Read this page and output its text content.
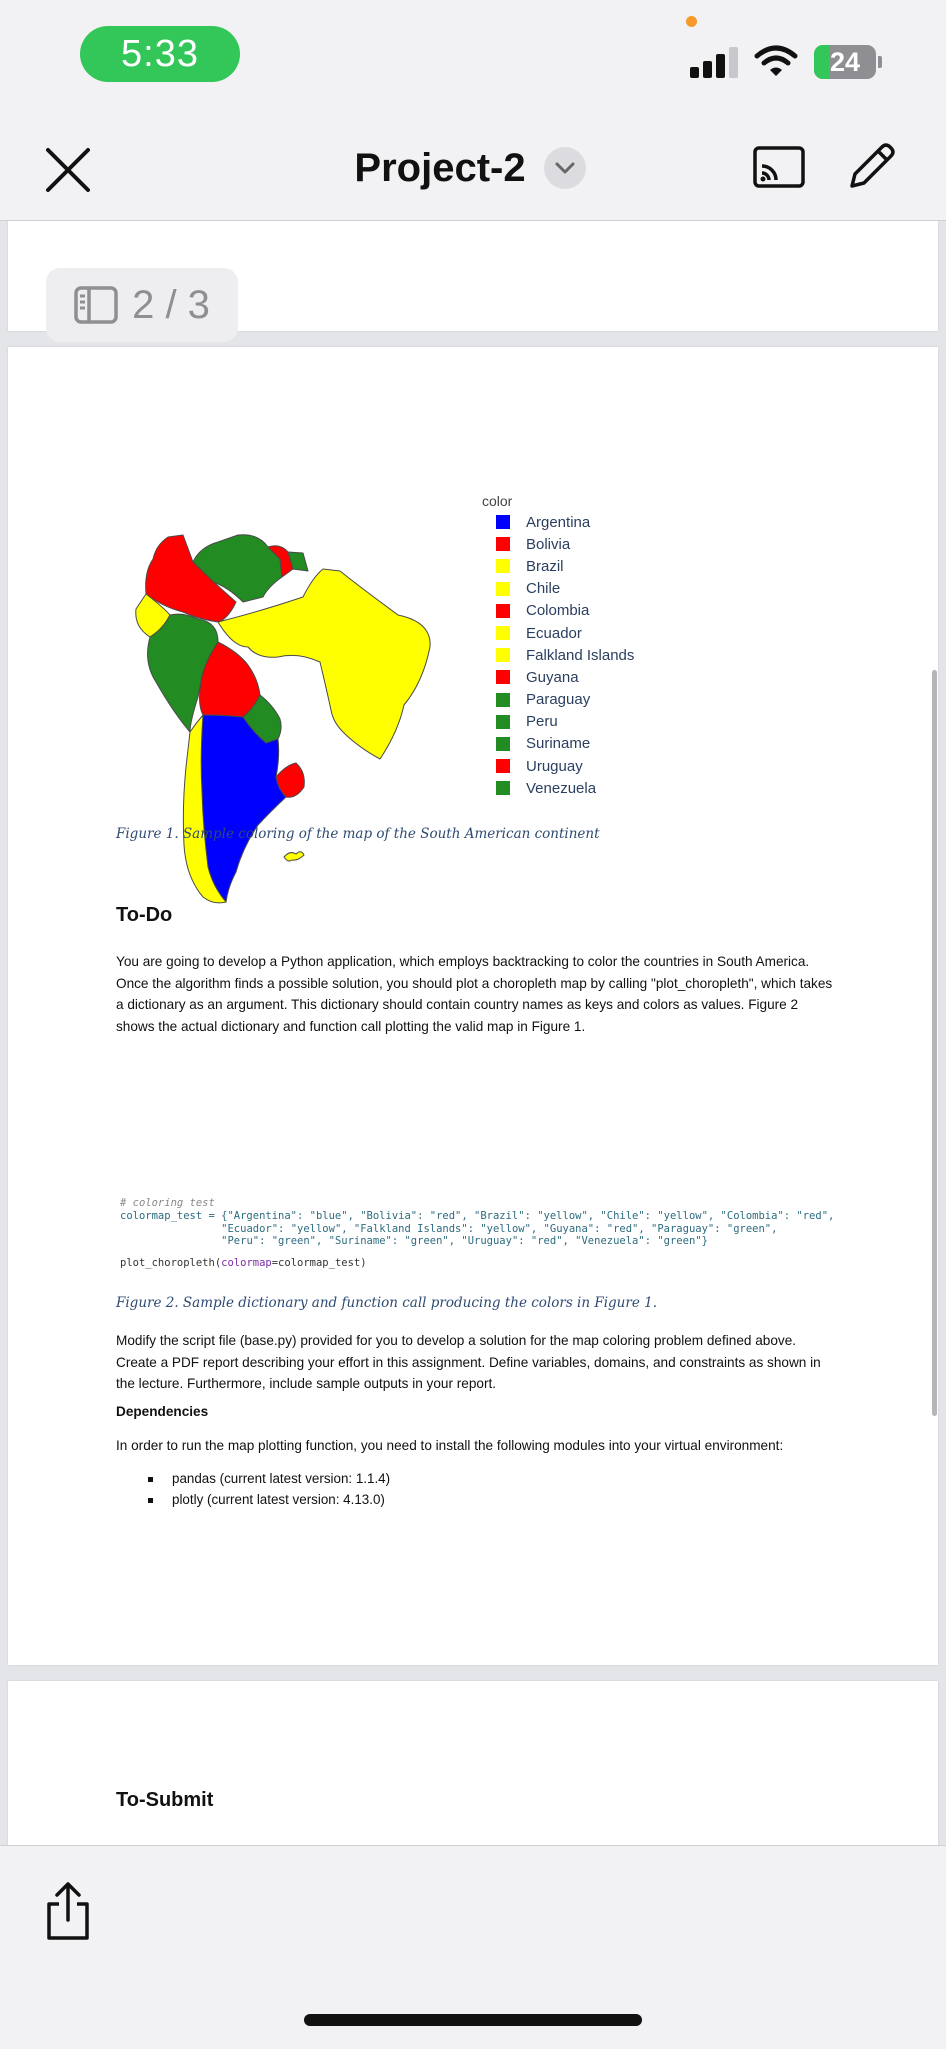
5:33	24
Project-2
color
Argentina
Bolivia
Brazil
Chile
Colombia
Ecuador
Falkland Islands
Guyana
Paraguay
Peru
Suriname
Uruguay
Venezuela
Figure 1. Sample coloring of the map of the South American continent
To-Do
You are going to develop a Python application, which employs backtracking to color the countries in South America. Once the algorithm finds a possible solution, you should plot a choropleth map by calling "plot_choropleth", which takes a dictionary as an argument. This dictionary should contain country names as keys and colors as values. Figure 2 shows the actual dictionary and function call plotting the valid map in Figure 1.
# coloring test
colormap_test = {"Argentina": "blue", "Bolivia": "red", "Brazil": "yellow", "Chile": "yellow", "Colombia": "red",
"Ecuador": "yellow", "Falkland Islands": "yellow", "Guyana": "red", "Paraguay": "green",
"Peru": "green", "Suriname": "green", "Uruguay": "red", "Venezuela": "green"}
plot_choropleth(colormap=colormap_test)
Figure 2. Sample dictionary and function call producing the colors in Figure 1.
Modify the script file (base.py) provided for you to develop a solution for the map coloring problem defined above. Create a PDF report describing your effort in this assignment. Define variables, domains, and constraints as shown in the lecture. Furthermore, include sample outputs in your report.
Dependencies
In order to run the map plotting function, you need to install the following modules into your virtual environment:
pandas (current latest version: 1.1.4)
plotly (current latest version: 4.13.0)
To-Submit
2 / 3
